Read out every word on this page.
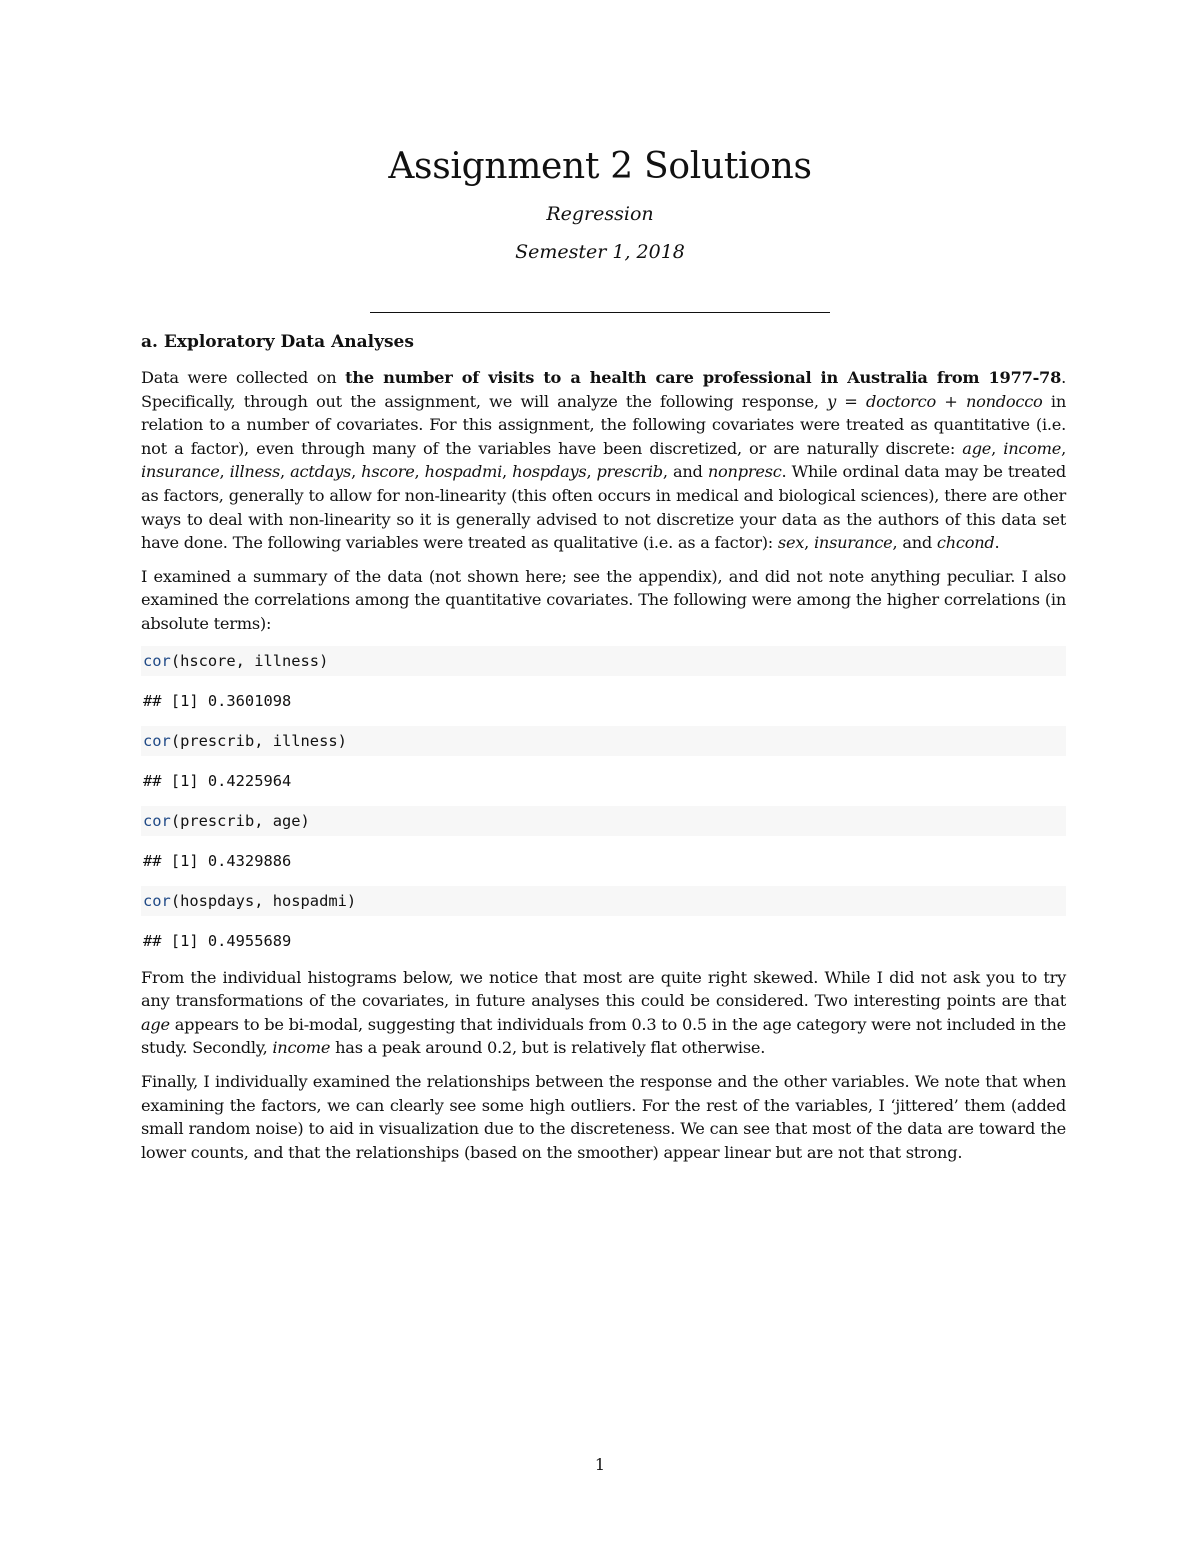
Assignment 2 Solutions
Regression
Semester 1, 2018
a. Exploratory Data Analyses

Data were collected on the number of visits to a health care professional in Australia from 1977-78. Specifically, through out the assignment, we will analyze the following response, y = doctorco + nondocco in relation to a number of covariates. For this assignment, the following covariates were treated as quantitative (i.e. not a factor), even through many of the variables have been discretized, or are naturally discrete: age, income, insurance, illness, actdays, hscore, hospadmi, hospdays, prescrib, and nonpresc. While ordinal data may be treated as factors, generally to allow for non-linearity (this often occurs in medical and biological sciences), there are other ways to deal with non-linearity so it is generally advised to not discretize your data as the authors of this data set have done. The following variables were treated as qualitative (i.e. as a factor): sex, insurance, and chcond.

I examined a summary of the data (not shown here; see the appendix), and did not note anything peculiar. I also examined the correlations among the quantitative covariates. The following were among the higher correlations (in absolute terms):

cor(hscore, illness)
## [1] 0.3601098
cor(prescrib, illness)
## [1] 0.4225964
cor(prescrib, age)
## [1] 0.4329886
cor(hospdays, hospadmi)
## [1] 0.4955689

From the individual histograms below, we notice that most are quite right skewed. While I did not ask you to try any transformations of the covariates, in future analyses this could be considered. Two interesting points are that age appears to be bi-modal, suggesting that individuals from 0.3 to 0.5 in the age category were not included in the study. Secondly, income has a peak around 0.2, but is relatively flat otherwise.

Finally, I individually examined the relationships between the response and the other variables. We note that when examining the factors, we can clearly see some high outliers. For the rest of the variables, I ‘jittered’ them (added small random noise) to aid in visualization due to the discreteness. We can see that most of the data are toward the lower counts, and that the relationships (based on the smoother) appear linear but are not that strong.

1
